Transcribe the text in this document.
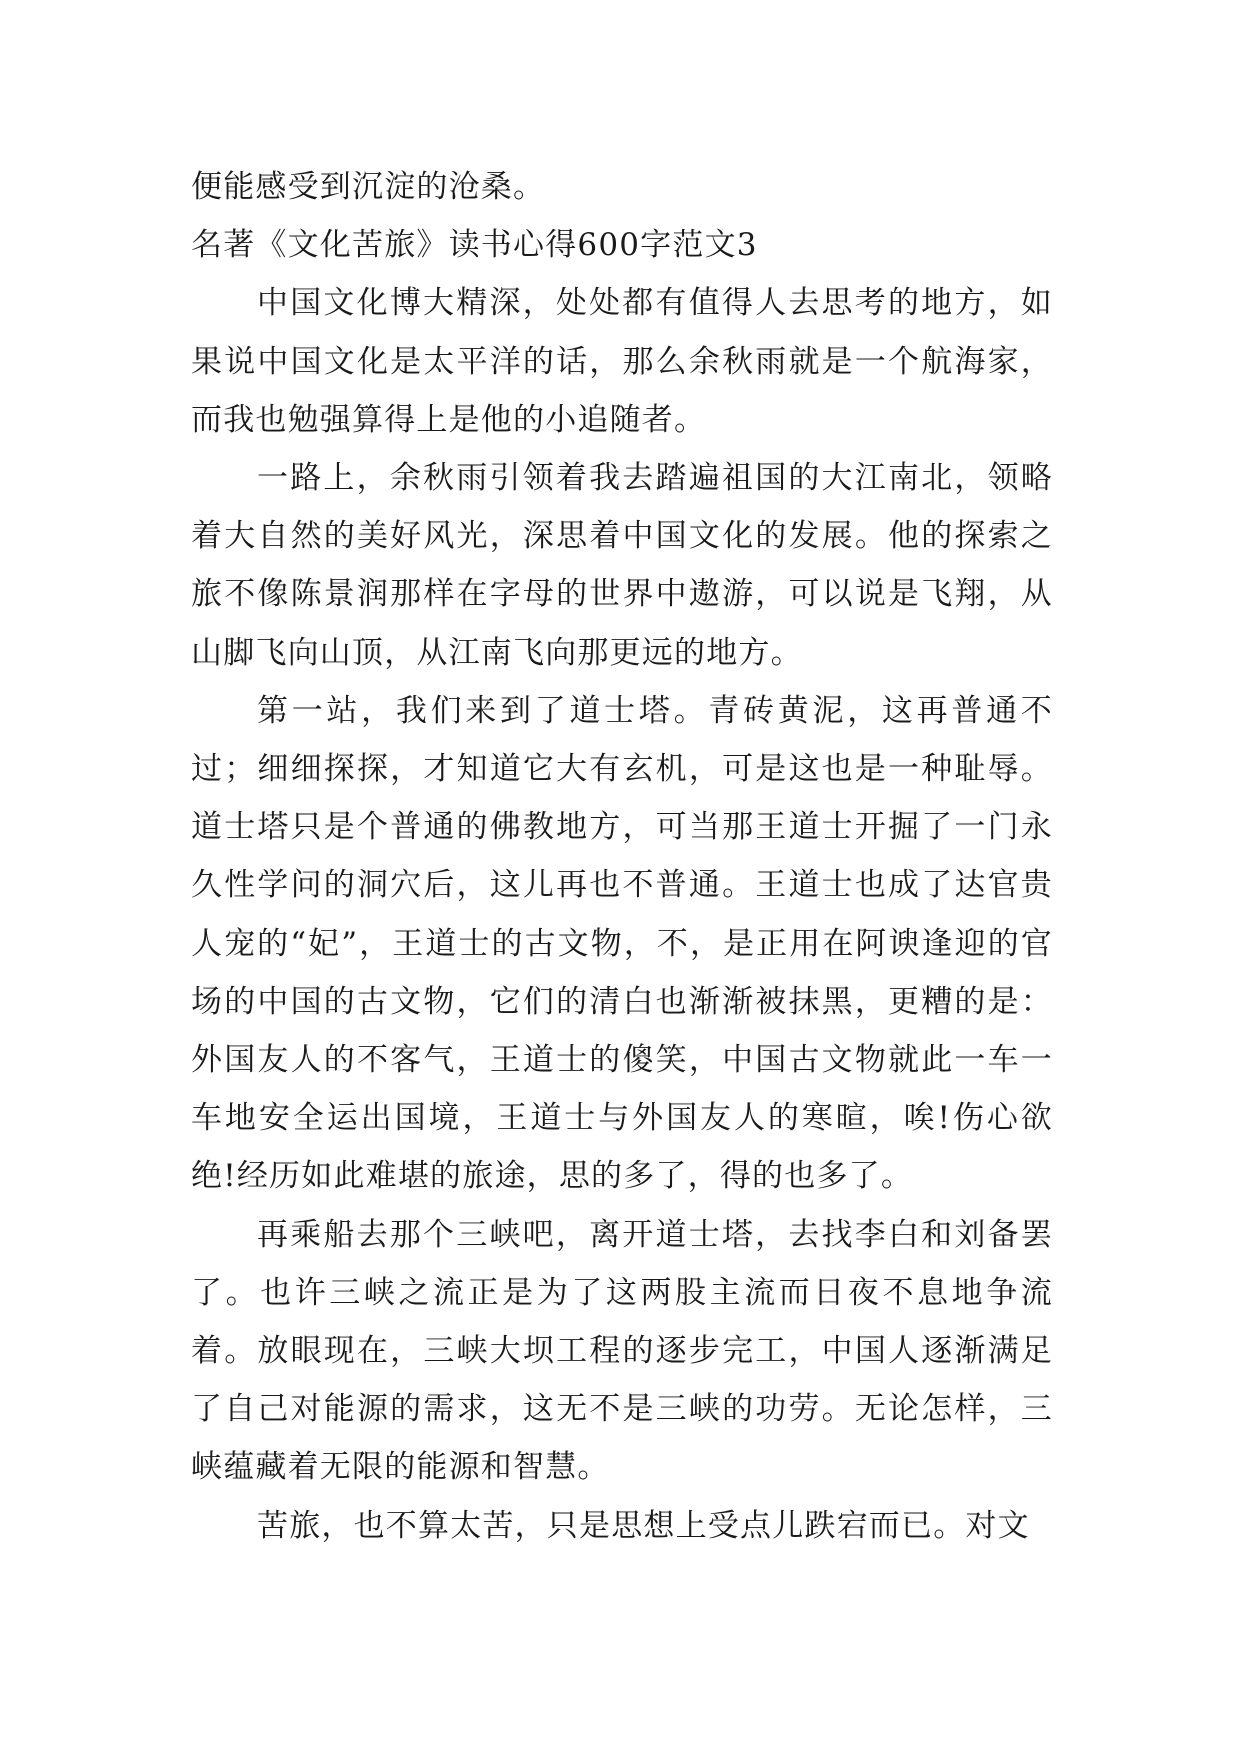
便能感受到沉淀的沧桑。

名著《文化苦旅》读书心得600字范文3

中国文化博大精深，处处都有值得人去思考的地方，如果说中国文化是太平洋的话，那么余秋雨就是一个航海家，而我也勉强算得上是他的小追随者。

一路上，余秋雨引领着我去踏遍祖国的大江南北，领略着大自然的美好风光，深思着中国文化的发展。他的探索之旅不像陈景润那样在字母的世界中遨游，可以说是飞翔，从山脚飞向山顶，从江南飞向那更远的地方。

第一站，我们来到了道士塔。青砖黄泥，这再普通不过；细细探探，才知道它大有玄机，可是这也是一种耻辱。道士塔只是个普通的佛教地方，可当那王道士开掘了一门永久性学问的洞穴后，这儿再也不普通。王道士也成了达官贵人宠的“妃”，王道士的古文物，不，是正用在阿谀逢迎的官场的中国的古文物，它们的清白也渐渐被抹黑，更糟的是：外国友人的不客气，王道士的傻笑，中国古文物就此一车一车地安全运出国境，王道士与外国友人的寒暄，唉!伤心欲绝!经历如此难堪的旅途，思的多了，得的也多了。

再乘船去那个三峡吧，离开道士塔，去找李白和刘备罢了。也许三峡之流正是为了这两股主流而日夜不息地争流着。放眼现在，三峡大坝工程的逐步完工，中国人逐渐满足了自己对能源的需求，这无不是三峡的功劳。无论怎样，三峡蕴藏着无限的能源和智慧。

苦旅，也不算太苦，只是思想上受点儿跌宕而已。对文
